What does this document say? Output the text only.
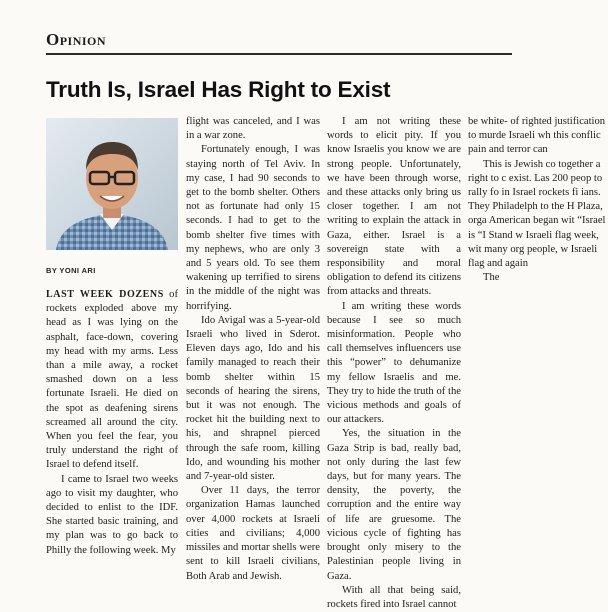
Opinion
Truth Is, Israel Has Right to Exist
BY YONI ARI

LAST WEEK DOZENS of rockets exploded above my head as I was lying on the asphalt, face-down, covering my head with my arms. Less than a mile away, a rocket smashed down on a less fortunate Israeli. He died on the spot as deafening sirens screamed all around the city. When you feel the fear, you truly understand the right of Israel to defend itself.

I came to Israel two weeks ago to visit my daughter, who decided to enlist to the IDF. She started basic training, and my plan was to go back to Philly the following week. My

flight was canceled, and I was in a war zone.

Fortunately enough, I was staying north of Tel Aviv. In my case, I had 90 seconds to get to the bomb shelter. Others not as fortunate had only 15 seconds. I had to get to the bomb shelter five times with my nephews, who are only 3 and 5 years old. To see them wakening up terrified to sirens in the middle of the night was horrifying.

Ido Avigal was a 5-year-old Israeli who lived in Sderot. Eleven days ago, Ido and his family managed to reach their bomb shelter within 15 seconds of hearing the sirens, but it was not enough. The rocket hit the building next to his, and shrapnel pierced through the safe room, killing Ido, and wounding his mother and 7-year-old sister.

Over 11 days, the terror organization Hamas launched over 4,000 rockets at Israeli cities and civilians; 4,000 missiles and mortar shells were sent to kill Israeli civilians, Both Arab and Jewish.

I am not writing these words to elicit pity. If you know Israelis you know we are strong people. Unfortunately, we have been through worse, and these attacks only bring us closer together. I am not writing to explain the attack in Gaza, either. Israel is a sovereign state with a responsibility and moral obligation to defend its citizens from attacks and threats.

I am writing these words because I see so much misinformation. People who call themselves influencers use this “power” to dehumanize my fellow Israelis and me. They try to hide the truth of the vicious methods and goals of our attackers.

Yes, the situation in the Gaza Strip is bad, really bad, not only during the last few days, but for many years. The density, the poverty, the corruption and the entire way of life are gruesome. The vicious cycle of fighting has brought only misery to the Palestinian people living in Gaza.

With all that being said, rockets fired into Israel cannot

be white- of righted justification to murde Israeli wh this conflic pain and terror can

This is Jewish co together a right to c exist. Las 200 peop to rally fo in Israel rockets fi ians. They Philadelph to the H Plaza, orga American began wit “Israel is “I Stand w Israeli flag week, wit many org people, w Israeli flag and again

The
